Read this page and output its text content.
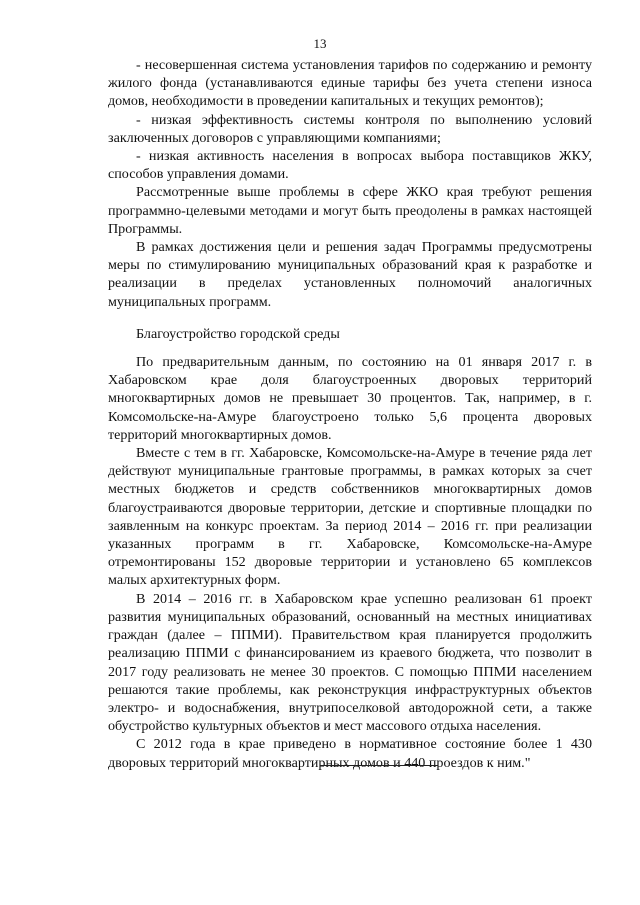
13

- несовершенная система установления тарифов по содержанию и ремонту жилого фонда (устанавливаются единые тарифы без учета степени износа домов, необходимости в проведении капитальных и текущих ремонтов);

- низкая эффективность системы контроля по выполнению условий заключенных договоров с управляющими компаниями;

- низкая активность населения в вопросах выбора поставщиков ЖКУ, способов управления домами.

Рассмотренные выше проблемы в сфере ЖКО края требуют решения программно-целевыми методами и могут быть преодолены в рамках настоящей Программы.

В рамках достижения цели и решения задач Программы предусмотрены меры по стимулированию муниципальных образований края к разработке и реализации в пределах установленных полномочий аналогичных муниципальных программ.

Благоустройство городской среды

По предварительным данным, по состоянию на 01 января 2017 г. в Хабаровском крае доля благоустроенных дворовых территорий многоквартирных домов не превышает 30 процентов. Так, например, в г. Комсомольске-на-Амуре благоустроено только 5,6 процента дворовых территорий многоквартирных домов.

Вместе с тем в гг. Хабаровске, Комсомольске-на-Амуре в течение ряда лет действуют муниципальные грантовые программы, в рамках которых за счет местных бюджетов и средств собственников многоквартирных домов благоустраиваются дворовые территории, детские и спортивные площадки по заявленным на конкурс проектам. За период 2014 – 2016 гг. при реализации указанных программ в гг. Хабаровске, Комсомольске-на-Амуре отремонтированы 152 дворовые территории и установлено 65 комплексов малых архитектурных форм.

В 2014 – 2016 гг. в Хабаровском крае успешно реализован 61 проект развития муниципальных образований, основанный на местных инициативах граждан (далее – ППМИ). Правительством края планируется продолжить реализацию ППМИ с финансированием из краевого бюджета, что позволит в 2017 году реализовать не менее 30 проектов. С помощью ППМИ населением решаются такие проблемы, как реконструкция инфраструктурных объектов электро- и водоснабжения, внутрипоселковой автодорожной сети, а также обустройство культурных объектов и мест массового отдыха населения.

С 2012 года в крае приведено в нормативное состояние более 1 430 дворовых территорий многоквартирных домов и 440 проездов к ним."
